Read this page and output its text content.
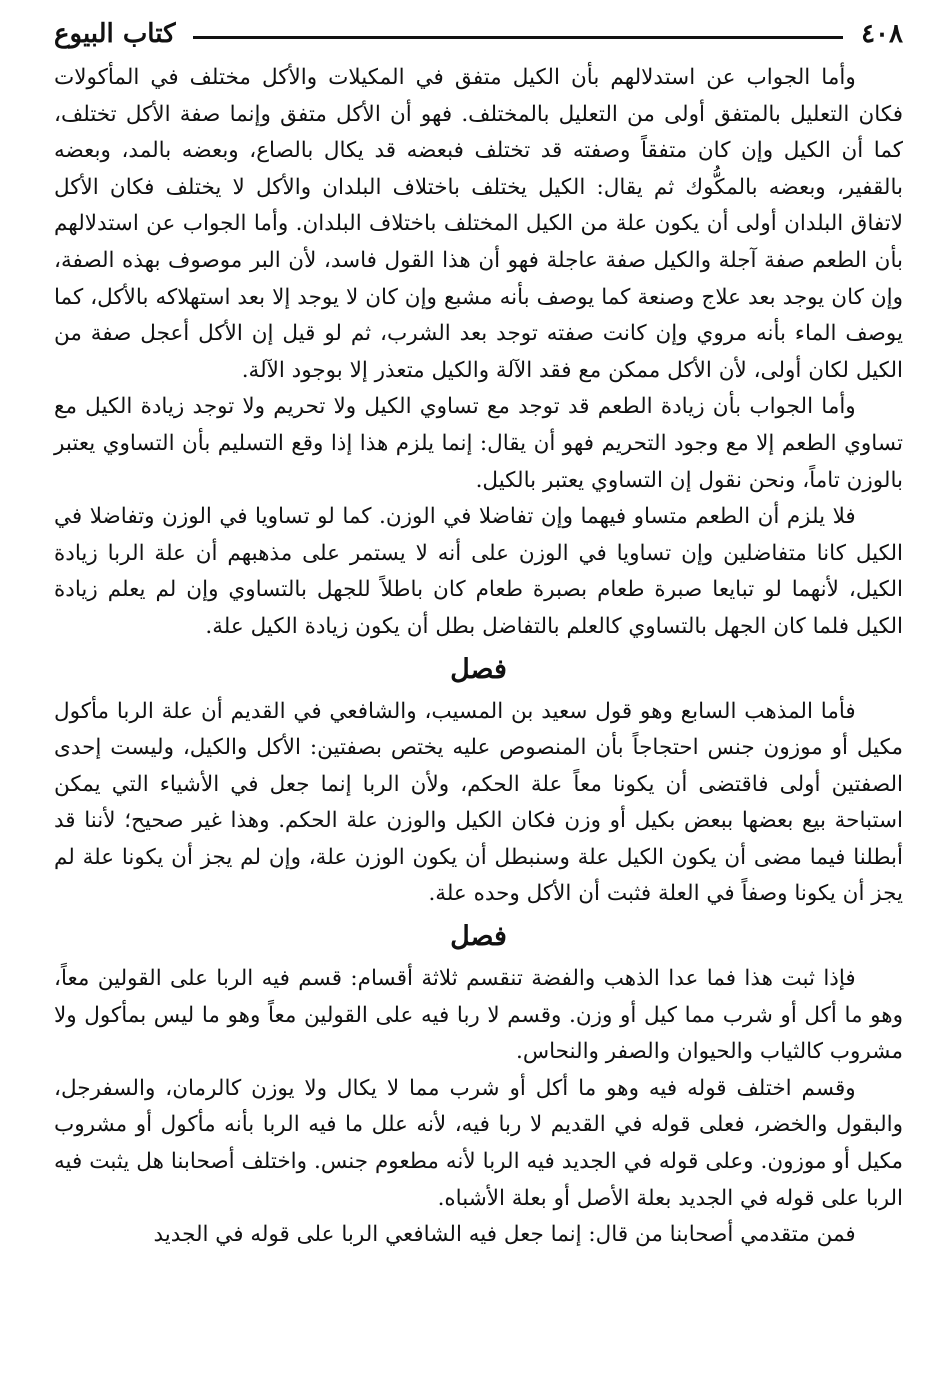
٤٠٨
كتاب البيوع

وأما الجواب عن استدلالهم بأن الكيل متفق في المكيلات والأكل مختلف في المأكولات فكان التعليل بالمتفق أولى من التعليل بالمختلف. فهو أن الأكل متفق وإنما صفة الأكل تختلف، كما أن الكيل وإن كان متفقاً وصفته قد تختلف فبعضه قد يكال بالصاع، وبعضه بالمد، وبعضه بالقفير، وبعضه بالمكُّوك ثم يقال: الكيل يختلف باختلاف البلدان والأكل لا يختلف فكان الأكل لاتفاق البلدان أولى أن يكون علة من الكيل المختلف باختلاف البلدان. وأما الجواب عن استدلالهم بأن الطعم صفة آجلة والكيل صفة عاجلة فهو أن هذا القول فاسد، لأن البر موصوف بهذه الصفة، وإن كان يوجد بعد علاج وصنعة كما يوصف بأنه مشبع وإن كان لا يوجد إلا بعد استهلاكه بالأكل، كما يوصف الماء بأنه مروي وإن كانت صفته توجد بعد الشرب، ثم لو قيل إن الأكل أعجل صفة من الكيل لكان أولى، لأن الأكل ممكن مع فقد الآلة والكيل متعذر إلا بوجود الآلة.

وأما الجواب بأن زيادة الطعم قد توجد مع تساوي الكيل ولا تحريم ولا توجد زيادة الكيل مع تساوي الطعم إلا مع وجود التحريم فهو أن يقال: إنما يلزم هذا إذا وقع التسليم بأن التساوي يعتبر بالوزن تاماً، ونحن نقول إن التساوي يعتبر بالكيل.

فلا يلزم أن الطعم متساو فيهما وإن تفاضلا في الوزن. كما لو تساويا في الوزن وتفاضلا في الكيل كانا متفاضلين وإن تساويا في الوزن على أنه لا يستمر على مذهبهم أن علة الربا زيادة الكيل، لأنهما لو تبايعا صبرة طعام بصبرة طعام كان باطلاً للجهل بالتساوي وإن لم يعلم زيادة الكيل فلما كان الجهل بالتساوي كالعلم بالتفاضل بطل أن يكون زيادة الكيل علة.

فصل

فأما المذهب السابع وهو قول سعيد بن المسيب، والشافعي في القديم أن علة الربا مأكول مكيل أو موزون جنس احتجاجاً بأن المنصوص عليه يختص بصفتين: الأكل والكيل، وليست إحدى الصفتين أولى فاقتضى أن يكونا معاً علة الحكم، ولأن الربا إنما جعل في الأشياء التي يمكن استباحة بيع بعضها ببعض بكيل أو وزن فكان الكيل والوزن علة الحكم. وهذا غير صحيح؛ لأننا قد أبطلنا فيما مضى أن يكون الكيل علة وسنبطل أن يكون الوزن علة، وإن لم يجز أن يكونا علة لم يجز أن يكونا وصفاً في العلة فثبت أن الأكل وحده علة.

فصل

فإذا ثبت هذا فما عدا الذهب والفضة تنقسم ثلاثة أقسام: قسم فيه الربا على القولين معاً، وهو ما أكل أو شرب مما كيل أو وزن. وقسم لا ربا فيه على القولين معاً وهو ما ليس بمأكول ولا مشروب كالثياب والحيوان والصفر والنحاس.

وقسم اختلف قوله فيه وهو ما أكل أو شرب مما لا يكال ولا يوزن كالرمان، والسفرجل، والبقول والخضر، فعلى قوله في القديم لا ربا فيه، لأنه علل ما فيه الربا بأنه مأكول أو مشروب مكيل أو موزون. وعلى قوله في الجديد فيه الربا لأنه مطعوم جنس. واختلف أصحابنا هل يثبت فيه الربا على قوله في الجديد بعلة الأصل أو بعلة الأشباه.

فمن متقدمي أصحابنا من قال: إنما جعل فيه الشافعي الربا على قوله في الجديد
